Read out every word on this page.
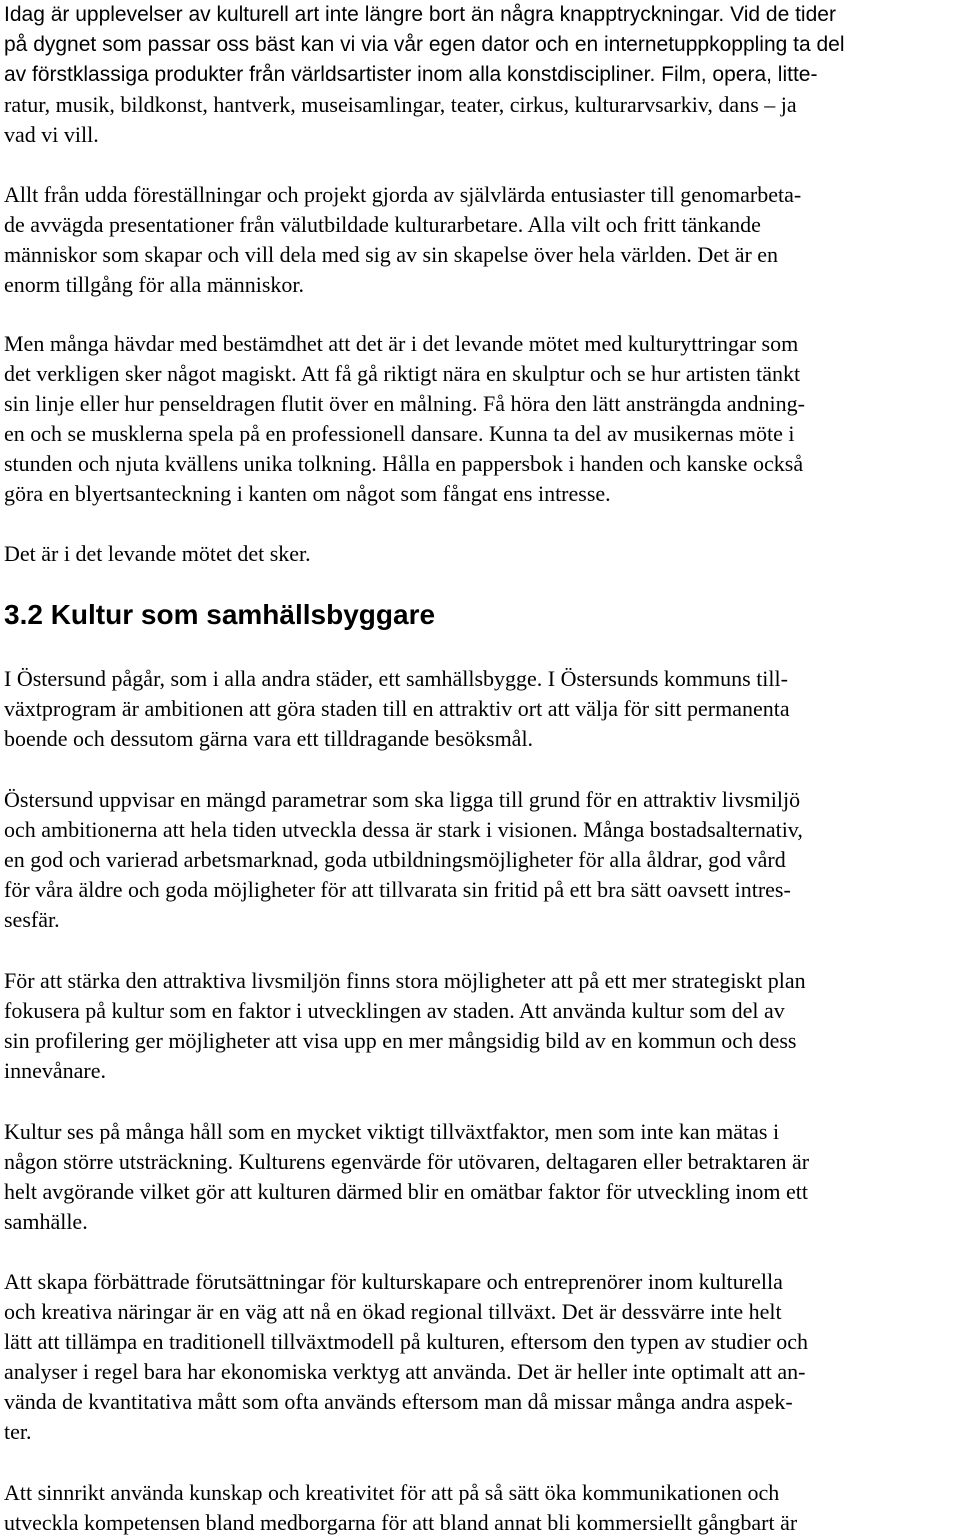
Idag är upplevelser av kulturell art inte längre bort än några knapptryckningar. Vid de tider
på dygnet som passar oss bäst kan vi via vår egen dator och en internetuppkoppling ta del
av förstklassiga produkter från världsartister inom alla konstdiscipliner. Film, opera, litte-
ratur, musik, bildkonst, hantverk, museisamlingar, teater, cirkus, kulturarvsarkiv, dans – ja
vad vi vill.
Allt från udda föreställningar och projekt gjorda av självlärda entusiaster till genomarbeta-
de avvägda presentationer från välutbildade kulturarbetare. Alla vilt och fritt tänkande
människor som skapar och vill dela med sig av sin skapelse över hela världen. Det är en
enorm tillgång för alla människor.
Men många hävdar med bestämdhet att det är i det levande mötet med kulturyttringar som
det verkligen sker något magiskt. Att få gå riktigt nära en skulptur och se hur artisten tänkt
sin linje eller hur penseldragen flutit över en målning. Få höra den lätt ansträngda andning-
en och se musklerna spela på en professionell dansare. Kunna ta del av musikernas möte i
stunden och njuta kvällens unika tolkning. Hålla en pappersbok i handen och kanske också
göra en blyertsanteckning i kanten om något som fångat ens intresse.
Det är i det levande mötet det sker.
3.2 Kultur som samhällsbyggare
I Östersund pågår, som i alla andra städer, ett samhällsbygge. I Östersunds kommuns till-
växtprogram är ambitionen att göra staden till en attraktiv ort att välja för sitt permanenta
boende och dessutom gärna vara ett tilldragande besöksmål.
Östersund uppvisar en mängd parametrar som ska ligga till grund för en attraktiv livsmiljö
och ambitionerna att hela tiden utveckla dessa är stark i visionen. Många bostadsalternativ,
en god och varierad arbetsmarknad, goda utbildningsmöjligheter för alla åldrar, god vård
för våra äldre och goda möjligheter för att tillvarata sin fritid på ett bra sätt oavsett intres-
sesfär.
För att stärka den attraktiva livsmiljön finns stora möjligheter att på ett mer strategiskt plan
fokusera på kultur som en faktor i utvecklingen av staden. Att använda kultur som del av
sin profilering ger möjligheter att visa upp en mer mångsidig bild av en kommun och dess
innevånare.
Kultur ses på många håll som en mycket viktigt tillväxtfaktor, men som inte kan mätas i
någon större utsträckning. Kulturens egenvärde för utövaren, deltagaren eller betraktaren är
helt avgörande vilket gör att kulturen därmed blir en omätbar faktor för utveckling inom ett
samhälle.
Att skapa förbättrade förutsättningar för kulturskapare och entreprenörer inom kulturella
och kreativa näringar är en väg att nå en ökad regional tillväxt. Det är dessvärre inte helt
lätt att tillämpa en traditionell tillväxtmodell på kulturen, eftersom den typen av studier och
analyser i regel bara har ekonomiska verktyg att använda. Det är heller inte optimalt att an-
vända de kvantitativa mått som ofta används eftersom man då missar många andra aspek-
ter.
Att sinnrikt använda kunskap och kreativitet för att på så sätt öka kommunikationen och
utveckla kompetensen bland medborgarna för att bland annat bli kommersiellt gångbart är
